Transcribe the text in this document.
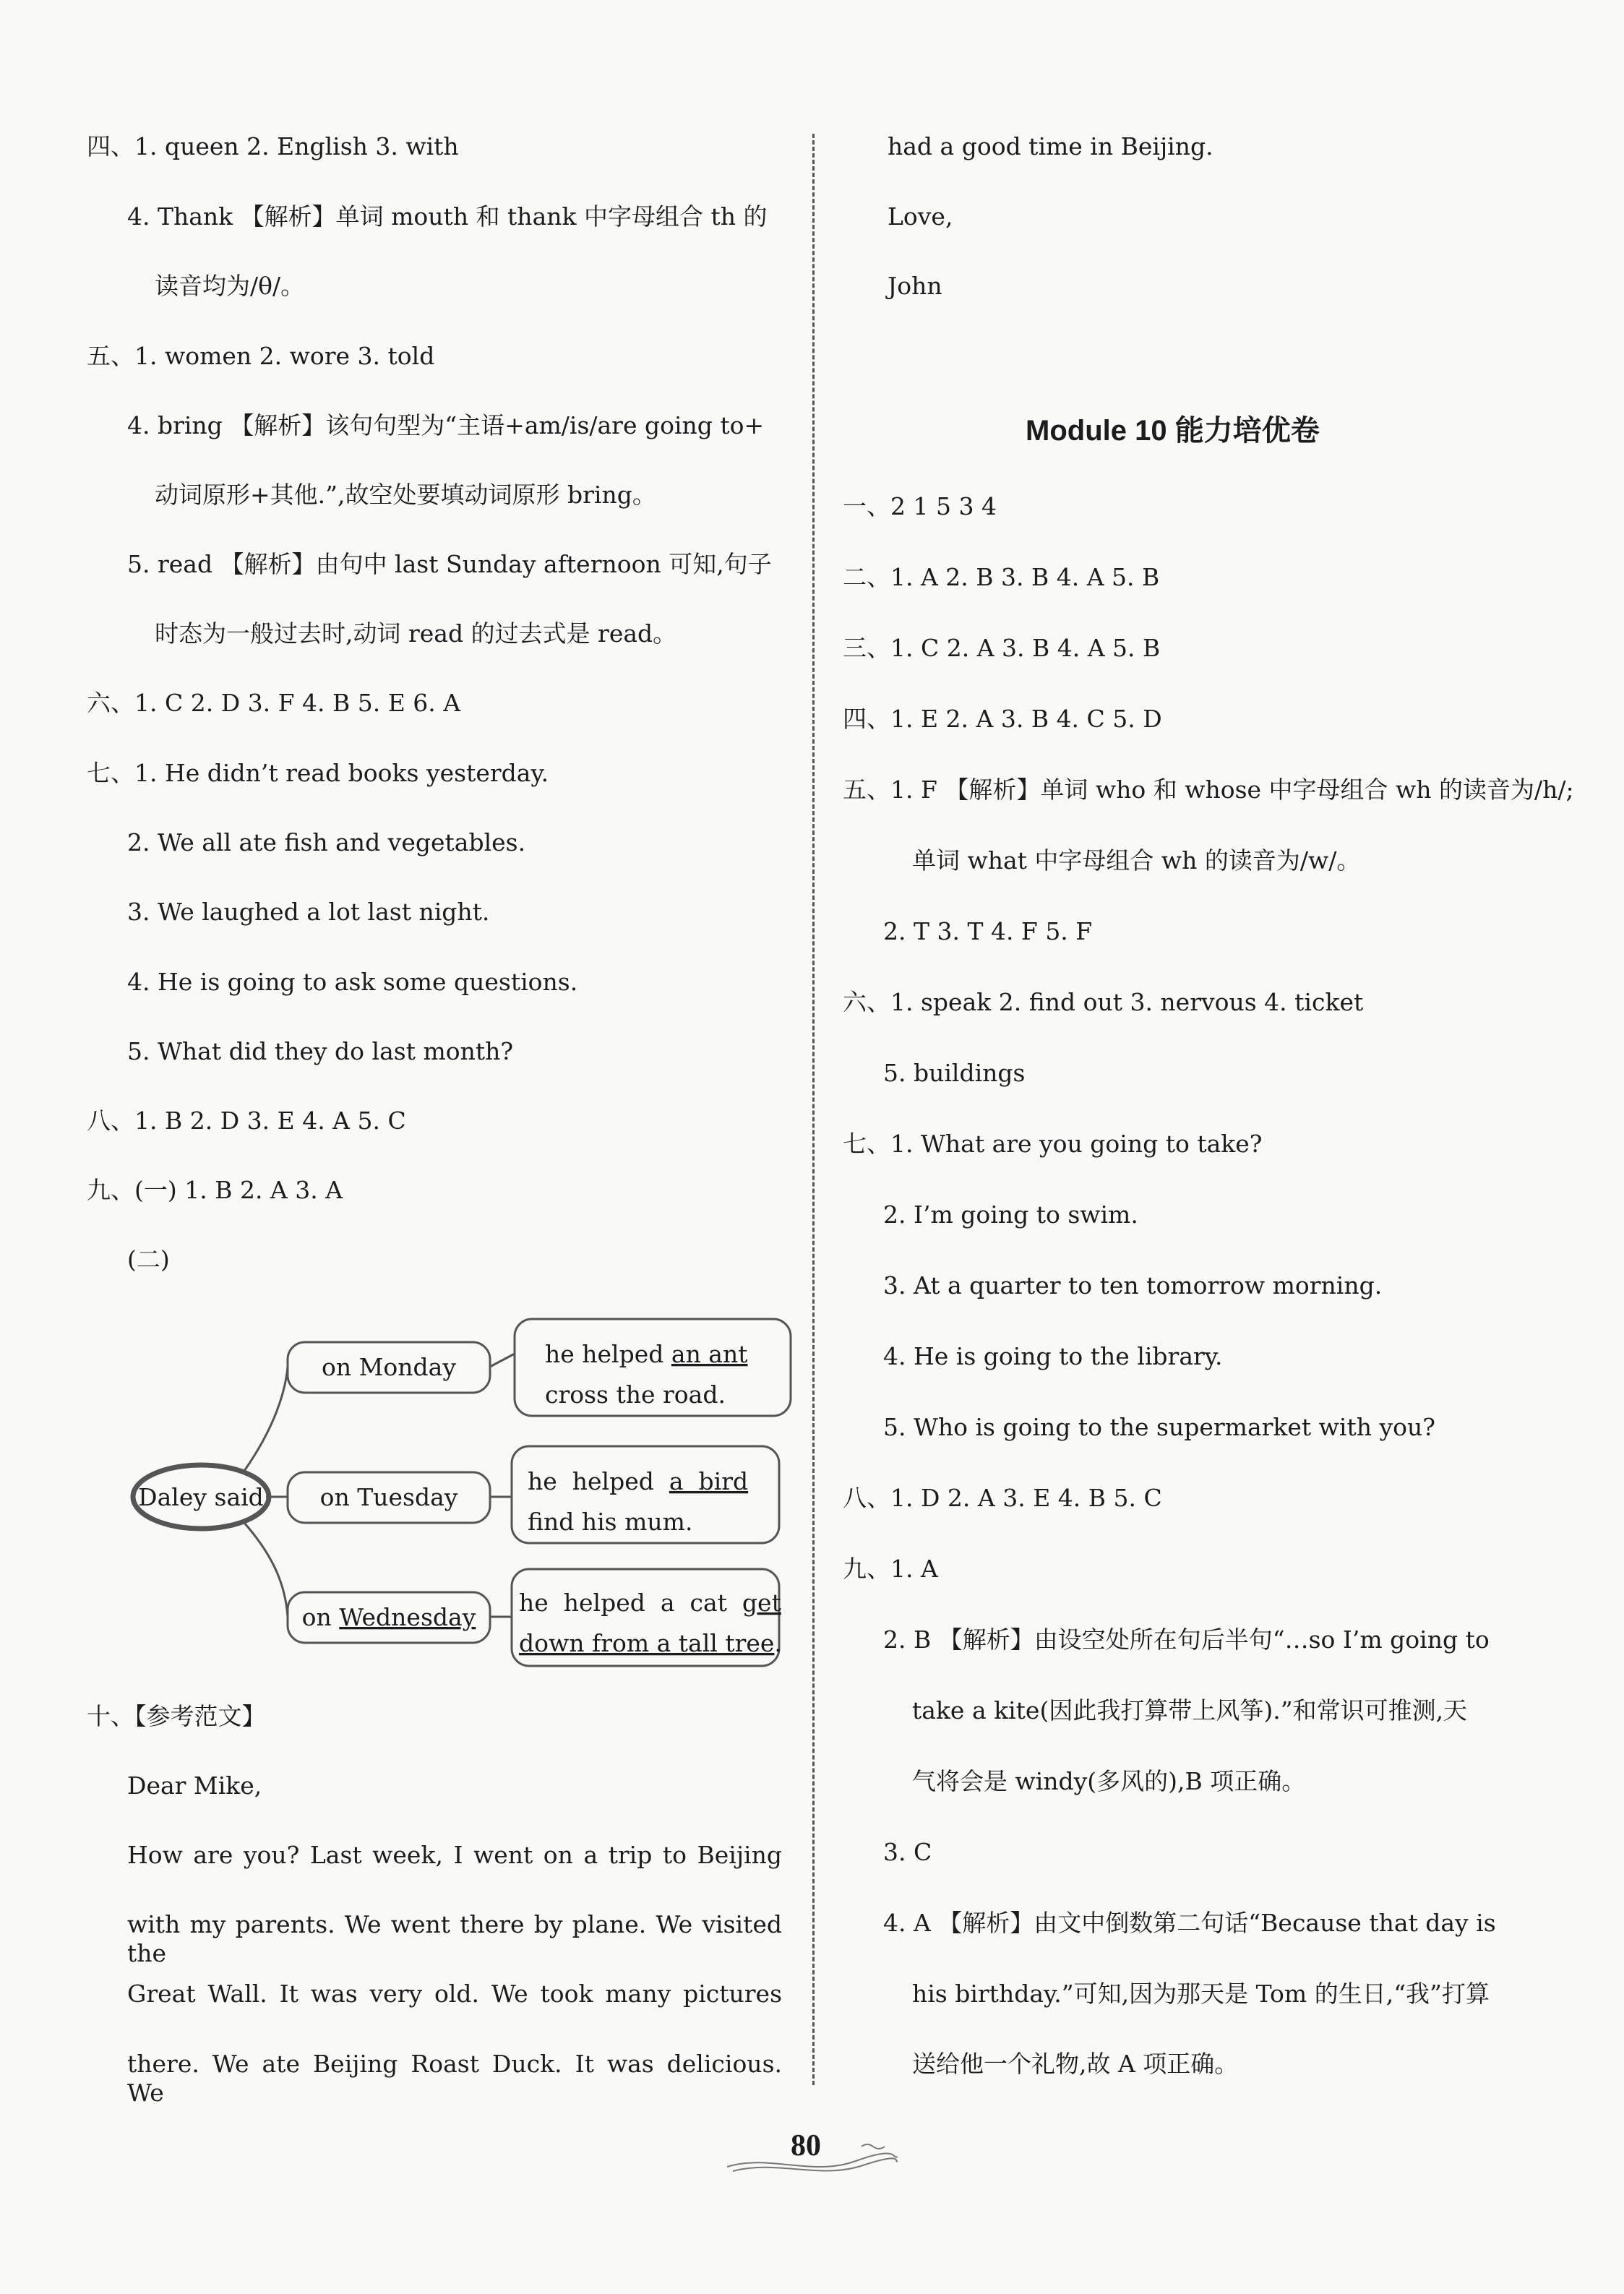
四、1. queen 2. English 3. with
4. Thank 【解析】单词 mouth 和 thank 中字母组合 th 的
读音均为/θ/。
五、1. women 2. wore 3. told
4. bring 【解析】该句句型为“主语+am/is/are going to+
动词原形+其他.”,故空处要填动词原形 bring。
5. read 【解析】由句中 last Sunday afternoon 可知,句子
时态为一般过去时,动词 read 的过去式是 read。
六、1. C 2. D 3. F 4. B 5. E 6. A
七、1. He didn’t read books yesterday.
2. We all ate fish and vegetables.
3. We laughed a lot last night.
4. He is going to ask some questions.
5. What did they do last month?
八、1. B 2. D 3. E 4. A 5. C
九、(一) 1. B 2. A 3. A
(二)
Daley said
on Monday
on Tuesday
on Wednesday
he helped an ant
cross the road.
he  helped  a  bird
find his mum.
he  helped  a  cat  get
down from a tall tree.
十、【参考范文】
Dear Mike,
How are you? Last week, I went on a trip to Beijing
with my parents. We went there by plane. We visited the
Great Wall. It was very old. We took many pictures
there. We ate Beijing Roast Duck. It was delicious. We
had a good time in Beijing.
Love,
John
Module 10 能力培优卷
一、2 1 5 3 4
二、1. A 2. B 3. B 4. A 5. B
三、1. C 2. A 3. B 4. A 5. B
四、1. E 2. A 3. B 4. C 5. D
五、1. F 【解析】单词 who 和 whose 中字母组合 wh 的读音为/h/;
单词 what 中字母组合 wh 的读音为/w/。
2. T 3. T 4. F 5. F
六、1. speak 2. find out 3. nervous 4. ticket
5. buildings
七、1. What are you going to take?
2. I’m going to swim.
3. At a quarter to ten tomorrow morning.
4. He is going to the library.
5. Who is going to the supermarket with you?
八、1. D 2. A 3. E 4. B 5. C
九、1. A
2. B 【解析】由设空处所在句后半句“…so I’m going to
take a kite(因此我打算带上风筝).”和常识可推测,天
气将会是 windy(多风的),B 项正确。
3. C
4. A 【解析】由文中倒数第二句话“Because that day is
his birthday.”可知,因为那天是 Tom 的生日,“我”打算
送给他一个礼物,故 A 项正确。
80
